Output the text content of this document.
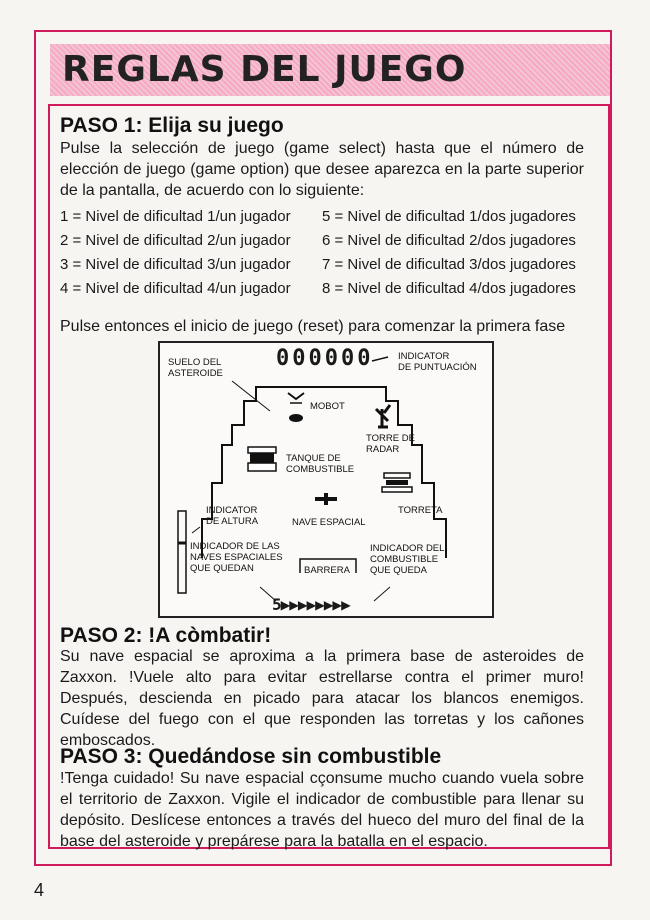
REGLAS DEL JUEGO
PASO 1: Elija su juego

Pulse la selección de juego (game select) hasta que el número de elección de juego (game option) que desee aparezca en la parte superior de la pantalla, de acuerdo con lo siguiente:

1 = Nivel de dificultad 1/un jugador	5 = Nivel de dificultad 1/dos jugadores
2 = Nivel de dificultad 2/un jugador	6 = Nivel de dificultad 2/dos jugadores
3 = Nivel de dificultad 3/un jugador	7 = Nivel de dificultad 3/dos jugadores
4 = Nivel de dificultad 4/un jugador	8 = Nivel de dificultad 4/dos jugadores

Pulse entonces el inicio de juego (reset) para comenzar la primera fase

000000
5▶▶▶▶▶▶▶▶
SUELO DEL
ASTEROIDE
INDICATOR
DE PUNTUACIÓN
MOBOT
TORRE DE
RADAR
TANQUE DE
COMBUSTIBLE
TORRETA
INDICATOR
DE ALTURA	NAVE ESPACIAL
INDICADOR DE LAS
NAVES ESPACIALES
QUE QUEDAN	BARRERA
INDICADOR DEL
COMBUSTIBLE
QUE QUEDA
PASO 2: !A còmbatir!

Su nave espacial se aproxima a la primera base de asteroides de Zaxxon. !Vuele alto para evitar estrellarse contra el primer muro! Después, descienda en picado para atacar los blancos enemigos. Cuídese del fuego con el que responden las torretas y los cañones emboscados.

PASO 3: Quedándose sin combustible

!Tenga cuidado! Su nave espacial cçonsume mucho cuando vuela sobre el territorio de Zaxxon. Vigile el indicador de combustible para llenar su depósito. Deslícese entonces a través del hueco del muro del final de la base del asteroide y prepárese para la batalla en el espacio.

4
